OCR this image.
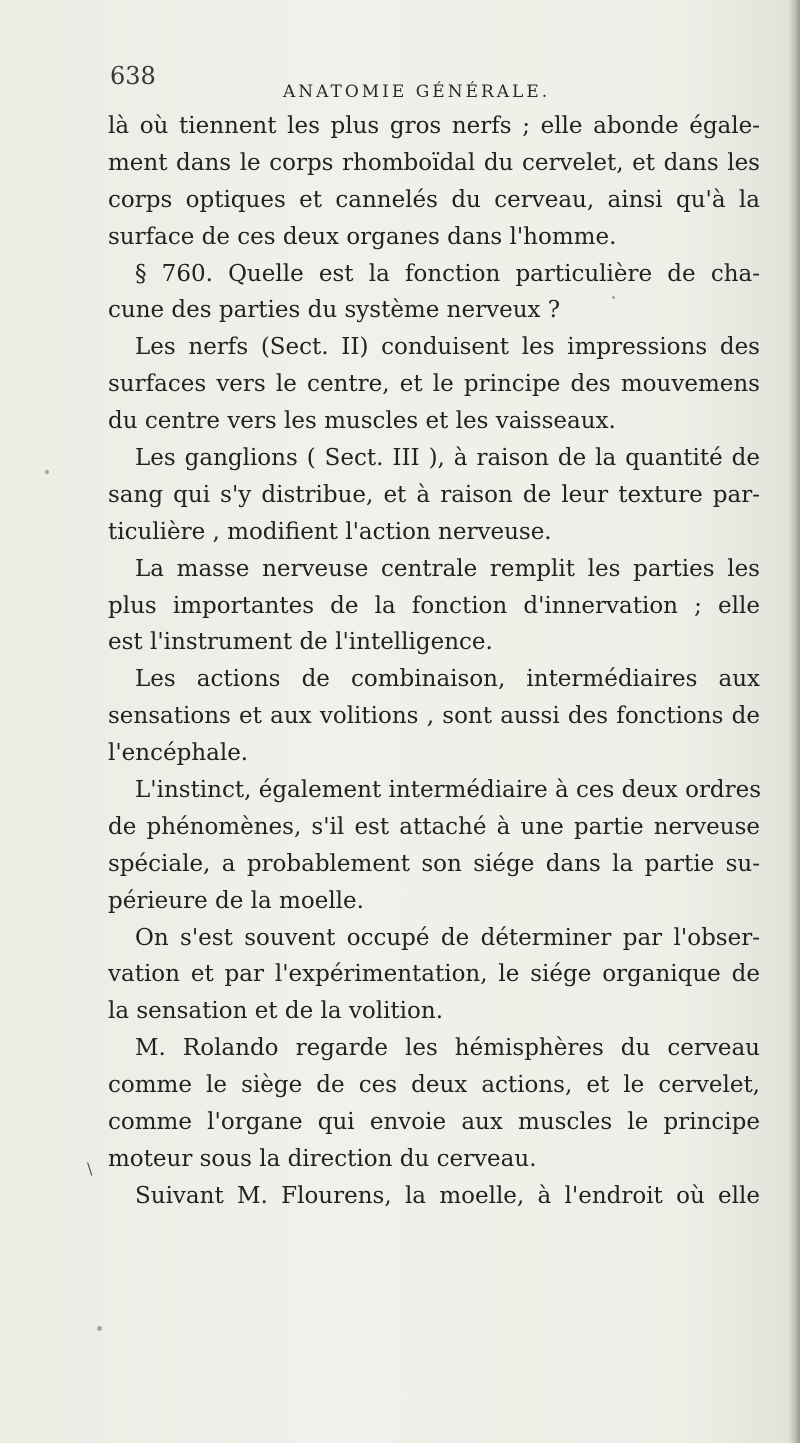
638
ANATOMIE GÉNÉRALE.
là où tiennent les plus gros nerfs ; elle abonde égale-
ment dans le corps rhomboïdal du cervelet, et dans les
corps optiques et cannelés du cerveau, ainsi qu'à la
surface de ces deux organes dans l'homme.
§ 760. Quelle est la fonction particulière de cha-
cune des parties du système nerveux ?
Les nerfs (Sect. II) conduisent les impressions des
surfaces vers le centre, et le principe des mouvemens
du centre vers les muscles et les vaisseaux.
Les ganglions ( Sect. III ), à raison de la quantité de
sang qui s'y distribue, et à raison de leur texture par-
ticulière , modifient l'action nerveuse.
La masse nerveuse centrale remplit les parties les
plus importantes de la fonction d'innervation ; elle
est l'instrument de l'intelligence.
Les actions de combinaison, intermédiaires aux
sensations et aux volitions , sont aussi des fonctions de
l'encéphale.
L'instinct, également intermédiaire à ces deux ordres
de phénomènes, s'il est attaché à une partie nerveuse
spéciale, a probablement son siége dans la partie su-
périeure de la moelle.
On s'est souvent occupé de déterminer par l'obser-
vation et par l'expérimentation, le siége organique de
la sensation et de la volition.
M. Rolando regarde les hémisphères du cerveau
comme le siège de ces deux actions, et le cervelet,
comme l'organe qui envoie aux muscles le principe
moteur sous la direction du cerveau.
Suivant M. Flourens, la moelle, à l'endroit où elle
\
